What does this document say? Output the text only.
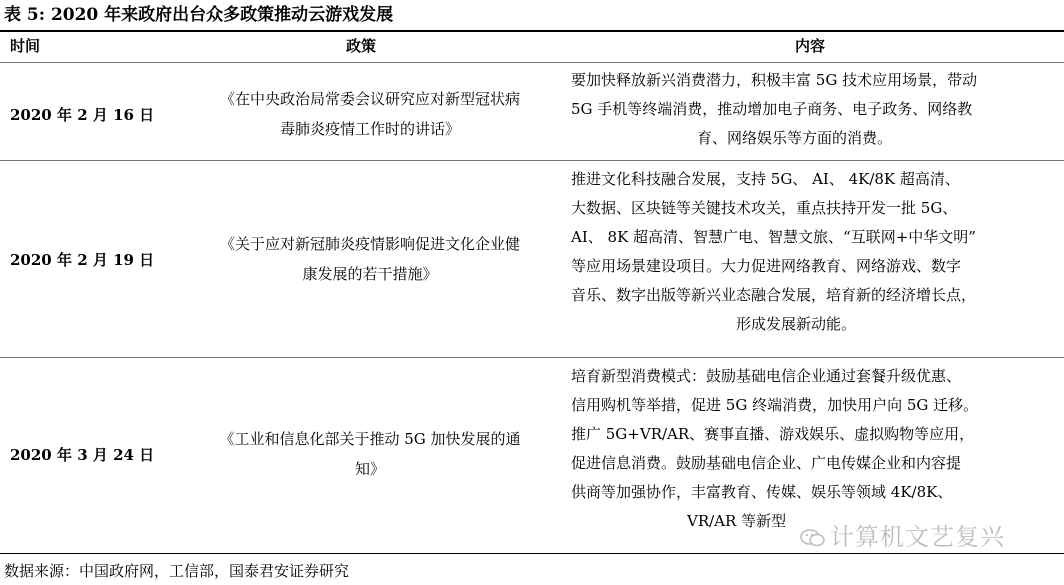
表 5: 2020 年来政府出台众多政策推动云游戏发展
时间	政策	内容
2020 年 2 月 16 日
《在中央政治局常委会议研究应对新型冠状病
毒肺炎疫情工作时的讲话》
要加快释放新兴消费潜力，积极丰富 5G 技术应用场景，带动
5G 手机等终端消费，推动增加电子商务、电子政务、网络教
育、网络娱乐等方面的消费。
2020 年 2 月 19 日
《关于应对新冠肺炎疫情影响促进文化企业健
康发展的若干措施》
推进文化科技融合发展，支持 5G、 AI、 4K/8K 超高清、
大数据、区块链等关键技术攻关，重点扶持开发一批 5G、
AI、 8K 超高清、智慧广电、智慧文旅、“互联网+中华文明”
等应用场景建设项目。大力促进网络教育、网络游戏、数字
音乐、数字出版等新兴业态融合发展，培育新的经济增长点，
形成发展新动能。
2020 年 3 月 24 日
《工业和信息化部关于推动 5G 加快发展的通
知》
培育新型消费模式：鼓励基础电信企业通过套餐升级优惠、
信用购机等举措，促进 5G 终端消费，加快用户向 5G 迁移。
推广 5G+VR/AR、赛事直播、游戏娱乐、虚拟购物等应用，
促进信息消费。鼓励基础电信企业、广电传媒企业和内容提
供商等加强协作，丰富教育、传媒、娱乐等领域 4K/8K、
VR/AR 等新型
数据来源：中国政府网，工信部，国泰君安证券研究
计算机文艺复兴
